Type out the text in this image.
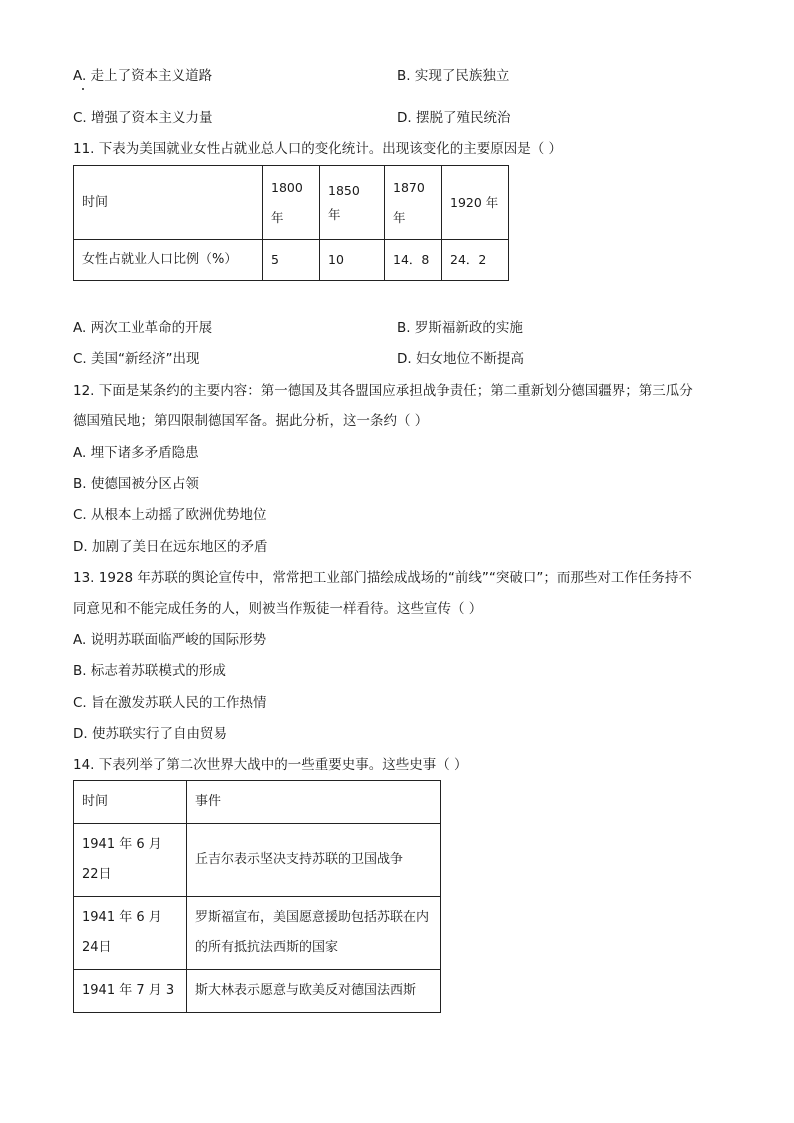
A. 走上了资本主义道路	B. 实现了民族独立
C. 增强了资本主义力量	D. 摆脱了殖民统治
11. 下表为美国就业女性占就业总人口的变化统计。出现该变化的主要原因是（ ）
时间	1800年	1850 年	1870年	1920 年
女性占就业人口比例（%）	5	10	14．8	24．2
A. 两次工业革命的开展	B. 罗斯福新政的实施
C. 美国“新经济”出现	D. 妇女地位不断提高
12. 下面是某条约的主要内容：第一德国及其各盟国应承担战争责任；第二重新划分德国疆界；第三瓜分
德国殖民地；第四限制德国军备。据此分析，这一条约（ ）
A. 埋下诸多矛盾隐患
B. 使德国被分区占领
C. 从根本上动摇了欧洲优势地位
D. 加剧了美日在远东地区的矛盾
13. 1928 年苏联的舆论宣传中，常常把工业部门描绘成战场的“前线”“突破口”；而那些对工作任务持不
同意见和不能完成任务的人，则被当作叛徒一样看待。这些宣传（ ）
A. 说明苏联面临严峻的国际形势
B. 标志着苏联模式的形成
C. 旨在激发苏联人民的工作热情
D. 使苏联实行了自由贸易
14. 下表列举了第二次世界大战中的一些重要史事。这些史事（ ）
时间	事件
1941 年 6 月 22日	丘吉尔表示坚决支持苏联的卫国战争
1941 年 6 月 24日	罗斯福宣布，美国愿意援助包括苏联在内的所有抵抗法西斯的国家
1941 年 7 月 3	斯大林表示愿意与欧美反对德国法西斯
